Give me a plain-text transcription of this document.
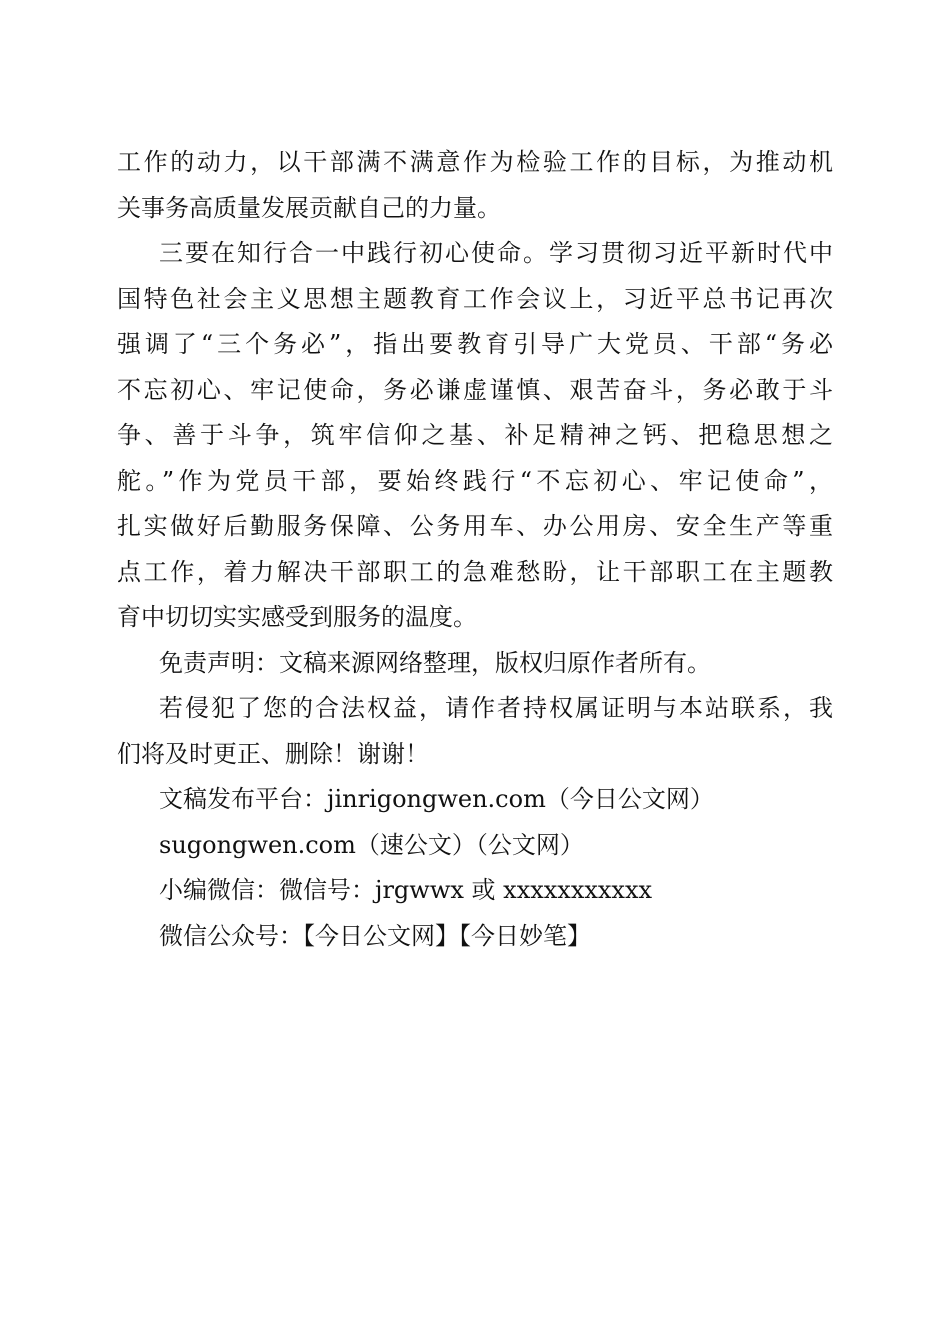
工作的动力，以干部满不满意作为检验工作的目标，为推动机
关事务高质量发展贡献自己的力量。
三要在知行合一中践行初心使命。学习贯彻习近平新时代中
国特色社会主义思想主题教育工作会议上，习近平总书记再次
强调了“三个务必”，指出要教育引导广大党员、干部“务必
不忘初心、牢记使命，务必谦虚谨慎、艰苦奋斗，务必敢于斗
争、善于斗争，筑牢信仰之基、补足精神之钙、把稳思想之
舵。”作为党员干部，要始终践行“不忘初心、牢记使命”，
扎实做好后勤服务保障、公务用车、办公用房、安全生产等重
点工作，着力解决干部职工的急难愁盼，让干部职工在主题教
育中切切实实感受到服务的温度。
免责声明：文稿来源网络整理，版权归原作者所有。
若侵犯了您的合法权益，请作者持权属证明与本站联系，我
们将及时更正、删除！谢谢！
文稿发布平台：jinrigongwen.com（今日公文网）
sugongwen.com（速公文）（公文网）
小编微信：微信号：jrgwwx 或 xxxxxxxxxxx
微信公众号：【今日公文网】【今日妙笔】
